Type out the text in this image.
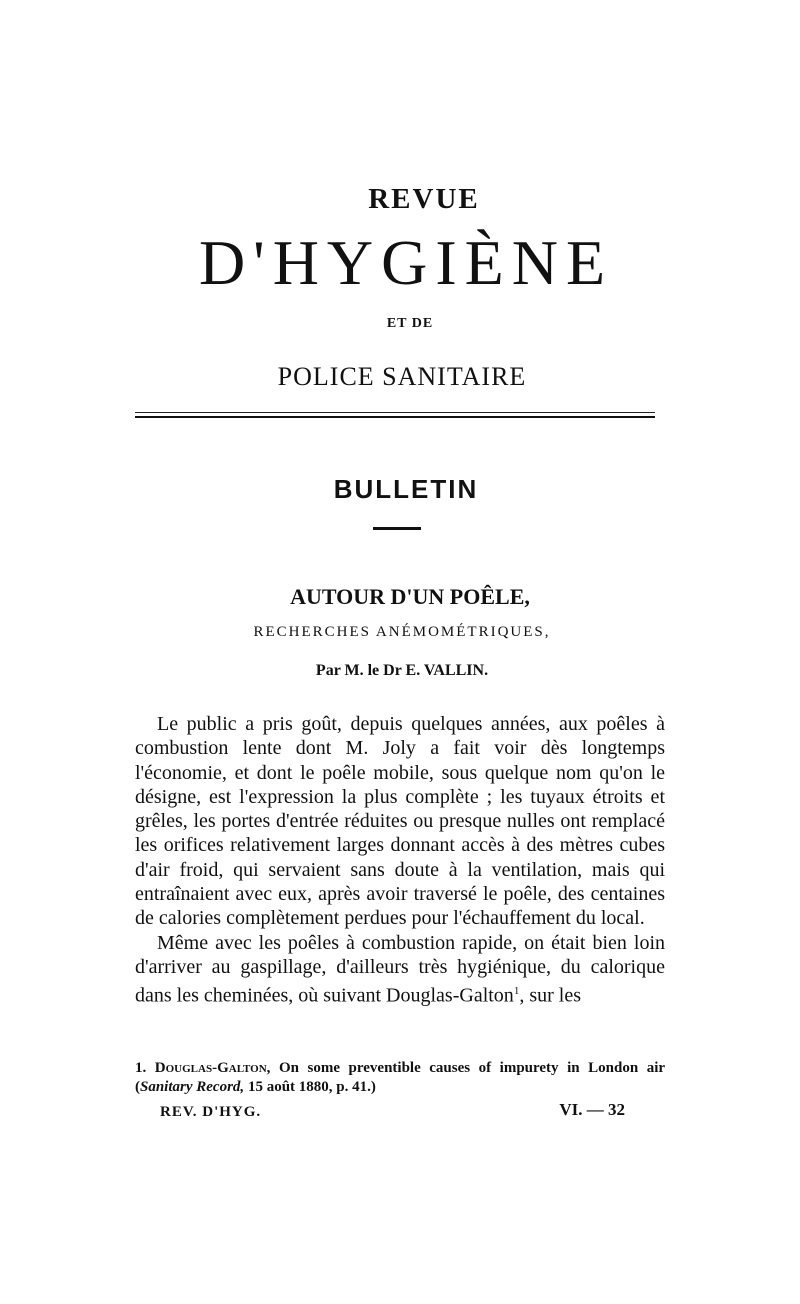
REVUE
D'HYGIÈNE
ET DE
POLICE SANITAIRE
BULLETIN
AUTOUR D'UN POÊLE,
RECHERCHES ANÉMOMÉTRIQUES,
Par M. le Dr E. VALLIN.

Le public a pris goût, depuis quelques années, aux poêles à combustion lente dont M. Joly a fait voir dès longtemps l'économie, et dont le poêle mobile, sous quelque nom qu'on le désigne, est l'expression la plus complète ; les tuyaux étroits et grêles, les portes d'entrée réduites ou presque nulles ont remplacé les orifices relativement larges donnant accès à des mètres cubes d'air froid, qui servaient sans doute à la ventilation, mais qui entraînaient avec eux, après avoir traversé le poêle, des centaines de calories complètement perdues pour l'échauffement du local.

Même avec les poêles à combustion rapide, on était bien loin d'arriver au gaspillage, d'ailleurs très hygiénique, du calorique dans les cheminées, où suivant Douglas-Galton$^1$, sur les

1. Douglas-Galton, On some preventible causes of impurety in London air (Sanitary Record, 15 août 1880, p. 41.)
REV. D'HYG.	VI. — 32
